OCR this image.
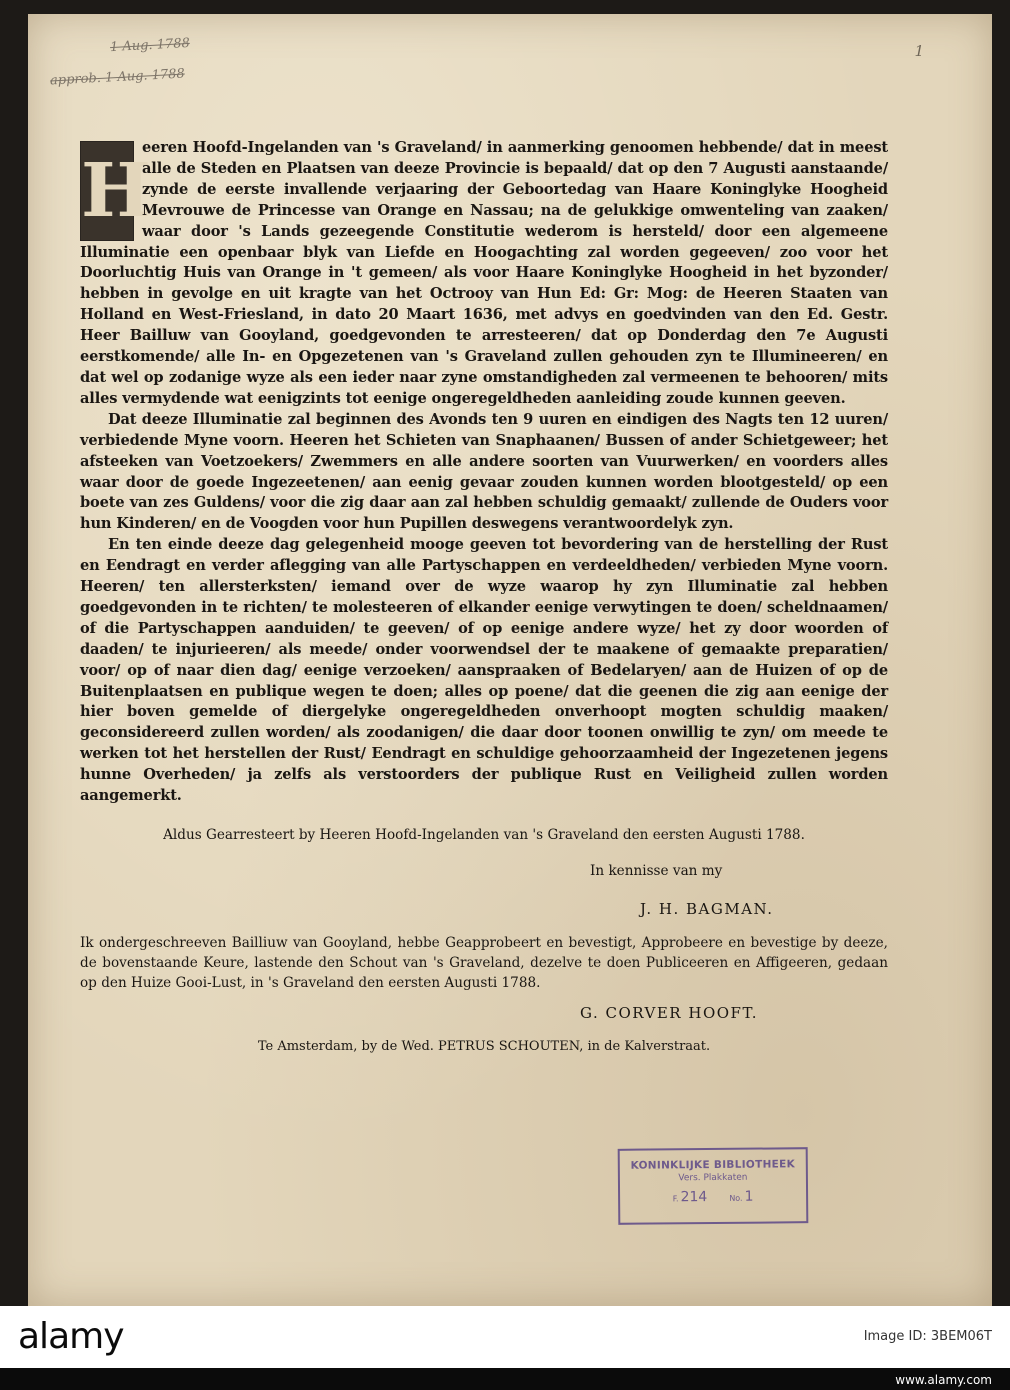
1 Aug. 1788
approb. 1 Aug. 1788
1
H

eeren Hoofd-Ingelanden van 's Graveland/ in aanmerking genoomen hebbende/ dat in meest alle de Steden en Plaatsen van deeze Provincie is bepaald/ dat op den 7 Augusti aanstaande/ zynde de eerste invallende verjaaring der Geboortedag van Haare Koninglyke Hoogheid Mevrouwe de Princesse van Orange en Nassau; na de gelukkige omwenteling van zaaken/ waar door 's Lands gezeegende Constitutie wederom is hersteld/ door een algemeene Illuminatie een openbaar blyk van Liefde en Hoogachting zal worden gegeeven/ zoo voor het Doorluchtig Huis van Orange in 't gemeen/ als voor Haare Koninglyke Hoogheid in het byzonder/ hebben in gevolge en uit kragte van het Octrooy van Hun Ed: Gr: Mog: de Heeren Staaten van Holland en West-Friesland, in dato 20 Maart 1636, met advys en goedvinden van den Ed. Gestr. Heer Bailluw van Gooyland, goedgevonden te arresteeren/ dat op Donderdag den 7e Augusti eerstkomende/ alle In- en Opgezetenen van 's Graveland zullen gehouden zyn te Illumineeren/ en dat wel op zodanige wyze als een ieder naar zyne omstandigheden zal vermeenen te behooren/ mits alles vermydende wat eenigzints tot eenige ongeregeldheden aanleiding zoude kunnen geeven.

Dat deeze Illuminatie zal beginnen des Avonds ten 9 uuren en eindigen des Nagts ten 12 uuren/ verbiedende Myne voorn. Heeren het Schieten van Snaphaanen/ Bussen of ander Schietgeweer; het afsteeken van Voetzoekers/ Zwemmers en alle andere soorten van Vuurwerken/ en voorders alles waar door de goede Ingezeetenen/ aan eenig gevaar zouden kunnen worden blootgesteld/ op een boete van zes Guldens/ voor die zig daar aan zal hebben schuldig gemaakt/ zullende de Ouders voor hun Kinderen/ en de Voogden voor hun Pupillen deswegens verantwoordelyk zyn.

En ten einde deeze dag gelegenheid mooge geeven tot bevordering van de herstelling der Rust en Eendragt en verder aflegging van alle Partyschappen en verdeeldheden/ verbieden Myne voorn. Heeren/ ten allersterksten/ iemand over de wyze waarop hy zyn Illuminatie zal hebben goedgevonden in te richten/ te molesteeren of elkander eenige verwytingen te doen/ scheldnaamen/ of die Partyschappen aanduiden/ te geeven/ of op eenige andere wyze/ het zy door woorden of daaden/ te injurieeren/ als meede/ onder voorwendsel der te maakene of gemaakte preparatien/ voor/ op of naar dien dag/ eenige verzoeken/ aanspraaken of Bedelaryen/ aan de Huizen of op de Buitenplaatsen en publique wegen te doen; alles op poene/ dat die geenen die zig aan eenige der hier boven gemelde of diergelyke ongeregeldheden onverhoopt mogten schuldig maaken/ geconsidereerd zullen worden/ als zoodanigen/ die daar door toonen onwillig te zyn/ om meede te werken tot het herstellen der Rust/ Eendragt en schuldige gehoorzaamheid der Ingezetenen jegens hunne Overheden/ ja zelfs als verstoorders der publique Rust en Veiligheid zullen worden aangemerkt.

Aldus Gearresteert by Heeren Hoofd-Ingelanden van 's Graveland den eersten Augusti 1788.

In kennisse van my

J. H. BAGMAN.

Ik ondergeschreeven Bailliuw van Gooyland, hebbe Geapprobeert en bevestigt, Approbeere en bevestige by deeze, de bovenstaande Keure, lastende den Schout van 's Graveland, dezelve te doen Publiceeren en Affigeeren, gedaan op den Huize Gooi-Lust, in 's Graveland den eersten Augusti 1788.

G. CORVER HOOFT.

Te Amsterdam, by de Wed. PETRUS SCHOUTEN, in de Kalverstraat.

KONINKLIJKE BIBLIOTHEEK
Vers. Plakkaten
F. 214	No. 1
alamy	Image ID: 3BEM06T
www.alamy.com
